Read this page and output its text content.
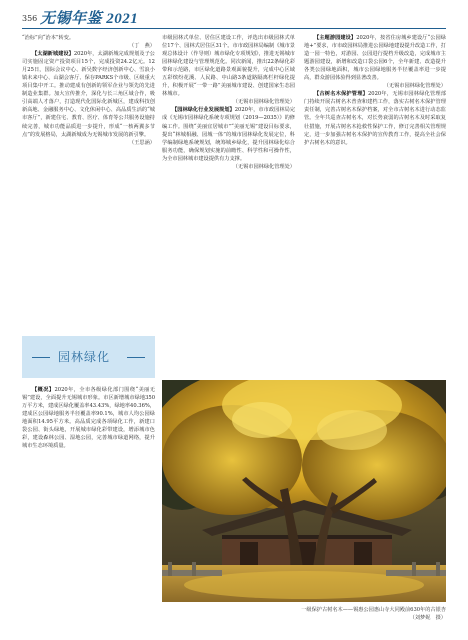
356 无锡年鉴 2021

“治标”向“治本”转变。

（丁　燕）

【太湖新城建设】2020年，太湖新城完成规划及子公司实施固定资产投资项目15个，完成投资24.2亿元。12月25日，国际会议中心、新吴数字经济创新中心、雪浪小镇未来中心、山湖会客厅、保存PARKS个市级、区级重大项目集中开工。推动建成有创新的领军企业与领先的先进制造业集群。加大宣传推介，深化与长三角区域合作，吸引高端人才落户，打造现代化国际化新城区，建成科技创新高地、金融服务中心、文化休闲中心、高品质生活的“城市客厅”，新建住宅、教育、医疗、体育等公共服务设施持续完善，城市功能品质进一步提升，形成“一核两翼多节点”的发展格局，太湖新城成为无锡城市发展的新引擎。

（王思涵）

市级园林式单位、居住区建设工作，评选出市级园林式单位17个、园林式居住区31个。市市政园林局编制《城市景观总体设计（作导则）城市绿化专项规划》，推进无锡城市园林绿化建设与管理规范化。同次新闻，推出22条绿化彩带和示范路，市区绿化道路景观面貌提升，完成中心区域五彩缤纷花溪、人民路、中山路3条道路隔离栏杆绿化提升，积极开展“一带一路”美丽城市建设、创建国家生态园林城市。

（无锡市园林绿化管理处）

【园林绿化行业发展规划】2020年，市市政园林局完成《无锡市园林绿化系统专项规划（2019—2035）》的修编工作。围绕“美丽宜居城市”“美丽无锡”建设目标要求，提出“林城相融、园城一体”的城市园林绿化发展定位，科学编制绿地系统规划，统筹城乡绿化，提升园林绿化综合服务功能，确保规划实施的前瞻性、科学性和可操作性，为全市园林城市建设提供有力支撑。

（无锡市园林绿化管理处）

【主题游园建设】2020年，按省住房城乡建设厅“公园绿地+”要求，市市政园林局推进公园绿地建设提升改造工作，打造一园一特色，对游园、公园进行提档升级改造，完成城市主题游园建设，新增和改造口袋公园6个，全年新建、改造提升各类公园绿地面积，城市公园绿地服务半径覆盖率进一步提高，群众游园体验得到显著改善。

（无锡市园林绿化管理处）

【古树名木保护管理】2020年，无锡市园林绿化管理部门持续开展古树名木普查和建档工作，落实古树名木保护管理责任制，完善古树名木保护档案，对全市古树名木进行动态监管。全年共巡查古树名木，对长势衰弱的古树名木及时采取复壮措施，开展古树名木抢救性保护工作，修订完善相关管理规定，进一步加强古树名木保护的宣传教育工作，提高全社会保护古树名木的意识。

园林绿化

【概况】2020年，全市各级绿化部门围绕“美丽无锡”建设，全面提升无锡城市形象。市区新增城市绿地350万平方米，建成区绿化覆盖率43.43%，绿地率40.36%，建成区公园绿地服务半径覆盖率90.1%，城市人均公园绿地面积14.95平方米。高品质完成各项绿化工作，新建口袋公园、街头绿地，开展城市绿化彩带建设，增添城市色彩，建设森林公园、湿地公园，完善城市绿道网络，提升城市生态环境质量。

一级保护古树名木——锡惠公园惠山寺大同殿前630年的古银杏
（刘梦妮　摄）
